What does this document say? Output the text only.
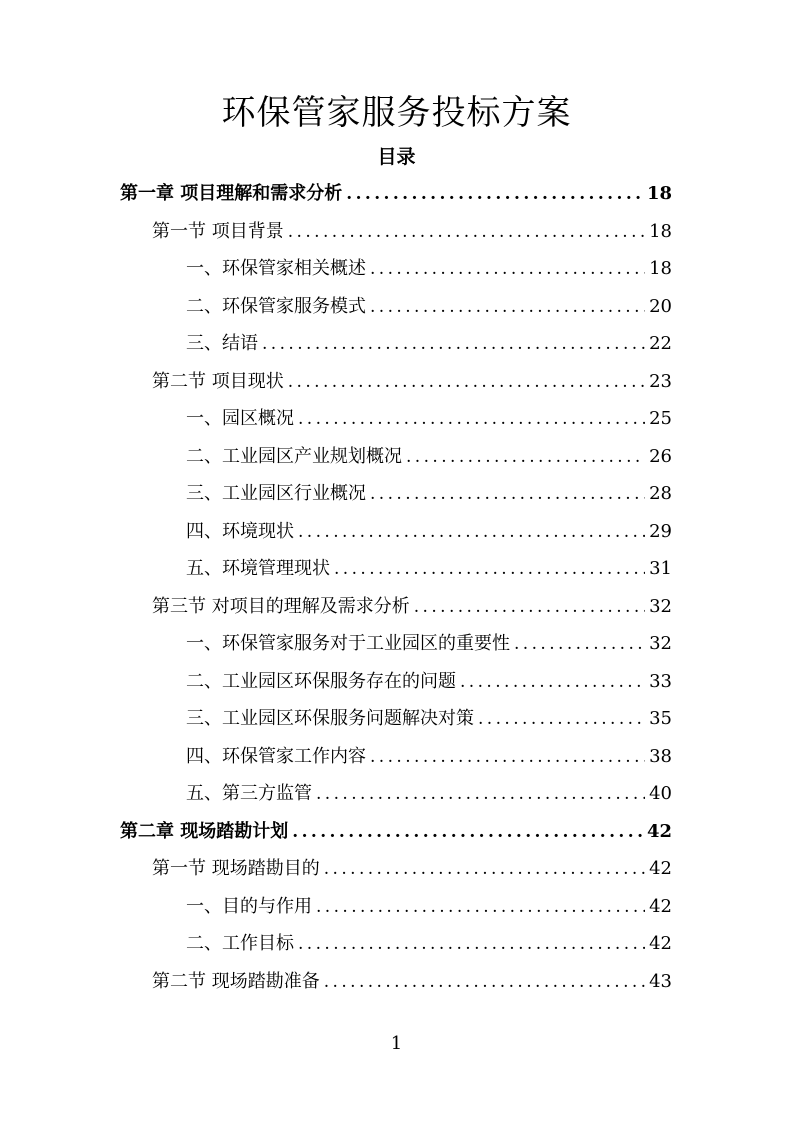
环保管家服务投标方案
目录
第一章 项目理解和需求分析 .....	18
第一节 项目背景 .....	18
一、环保管家相关概述 .....	18
二、环保管家服务模式 .....	20
三、结语 .....	22
第二节 项目现状 .....	23
一、园区概况 .....	25
二、工业园区产业规划概况 .....	26
三、工业园区行业概况 .....	28
四、环境现状 .....	29
五、环境管理现状 .....	31
第三节 对项目的理解及需求分析 .....	32
一、环保管家服务对于工业园区的重要性 .....	32
二、工业园区环保服务存在的问题 .....	33
三、工业园区环保服务问题解决对策 .....	35
四、环保管家工作内容 .....	38
五、第三方监管 .....	40
第二章 现场踏勘计划 .....	42
第一节 现场踏勘目的 .....	42
一、目的与作用 .....	42
二、工作目标 .....	42
第二节 现场踏勘准备 .....	43
1
